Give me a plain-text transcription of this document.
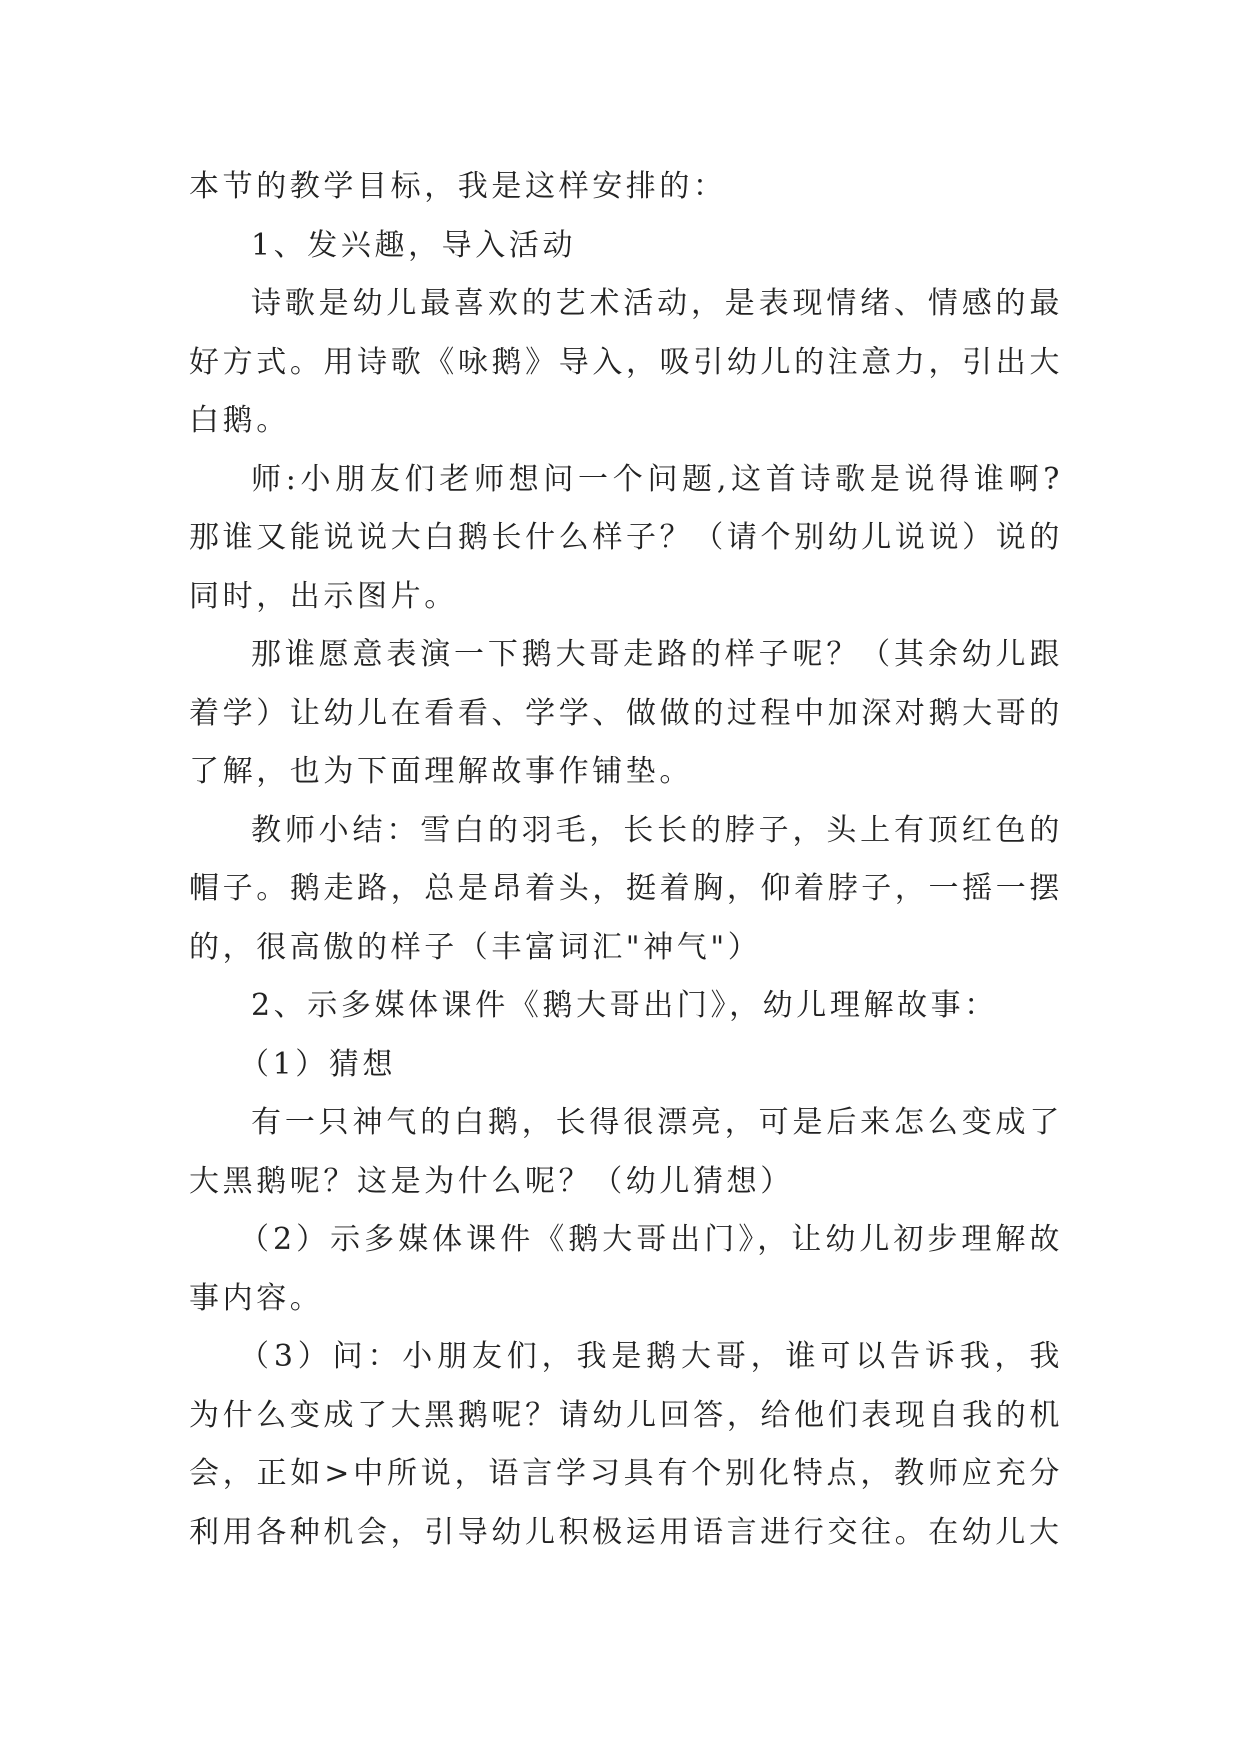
本节的教学目标，我是这样安排的：

1、发兴趣，导入活动

诗歌是幼儿最喜欢的艺术活动，是表现情绪、情感的最好方式。用诗歌《咏鹅》导入，吸引幼儿的注意力，引出大白鹅。

师:小朋友们老师想问一个问题,这首诗歌是说得谁啊?那谁又能说说大白鹅长什么样子？（请个别幼儿说说）说的同时，出示图片。

那谁愿意表演一下鹅大哥走路的样子呢？（其余幼儿跟着学）让幼儿在看看、学学、做做的过程中加深对鹅大哥的了解，也为下面理解故事作铺垫。

教师小结：雪白的羽毛，长长的脖子，头上有顶红色的帽子。鹅走路，总是昂着头，挺着胸，仰着脖子，一摇一摆的，很高傲的样子（丰富词汇"神气"）

2、示多媒体课件《鹅大哥出门》，幼儿理解故事：

（1）猜想

有一只神气的白鹅，长得很漂亮，可是后来怎么变成了大黑鹅呢？这是为什么呢？（幼儿猜想）

（2）示多媒体课件《鹅大哥出门》，让幼儿初步理解故事内容。

（3）问：小朋友们，我是鹅大哥，谁可以告诉我，我为什么变成了大黑鹅呢？请幼儿回答，给他们表现自我的机会，正如>中所说，语言学习具有个别化特点，教师应充分利用各种机会，引导幼儿积极运用语言进行交往。在幼儿大
